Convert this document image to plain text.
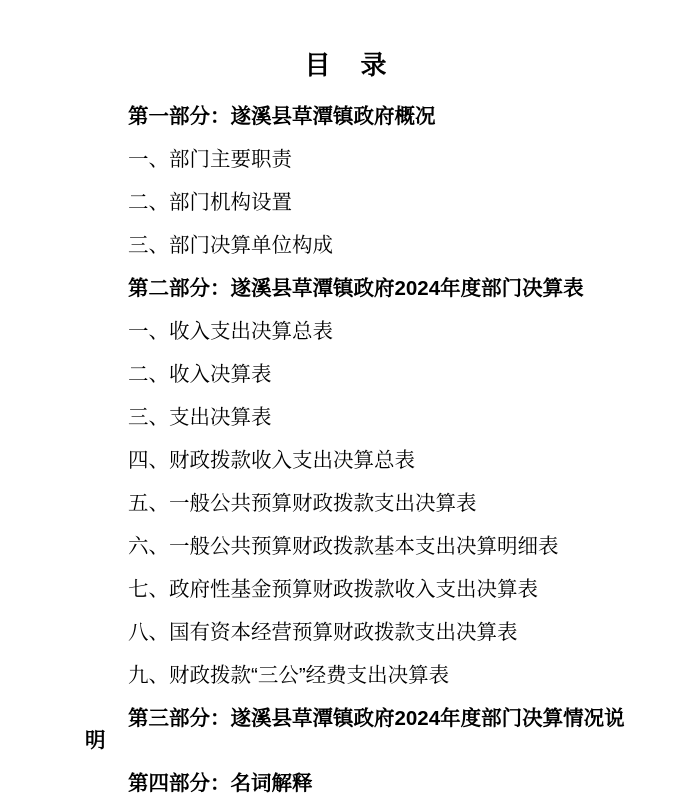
目　录

第一部分：遂溪县草潭镇政府概况

一、部门主要职责

二、部门机构设置

三、部门决算单位构成

第二部分：遂溪县草潭镇政府2024年度部门决算表

一、收入支出决算总表

二、收入决算表

三、支出决算表

四、财政拨款收入支出决算总表

五、一般公共预算财政拨款支出决算表

六、一般公共预算财政拨款基本支出决算明细表

七、政府性基金预算财政拨款收入支出决算表

八、国有资本经营预算财政拨款支出决算表

九、财政拨款“三公”经费支出决算表

第三部分：遂溪县草潭镇政府2024年度部门决算情况说明

第四部分：名词解释
